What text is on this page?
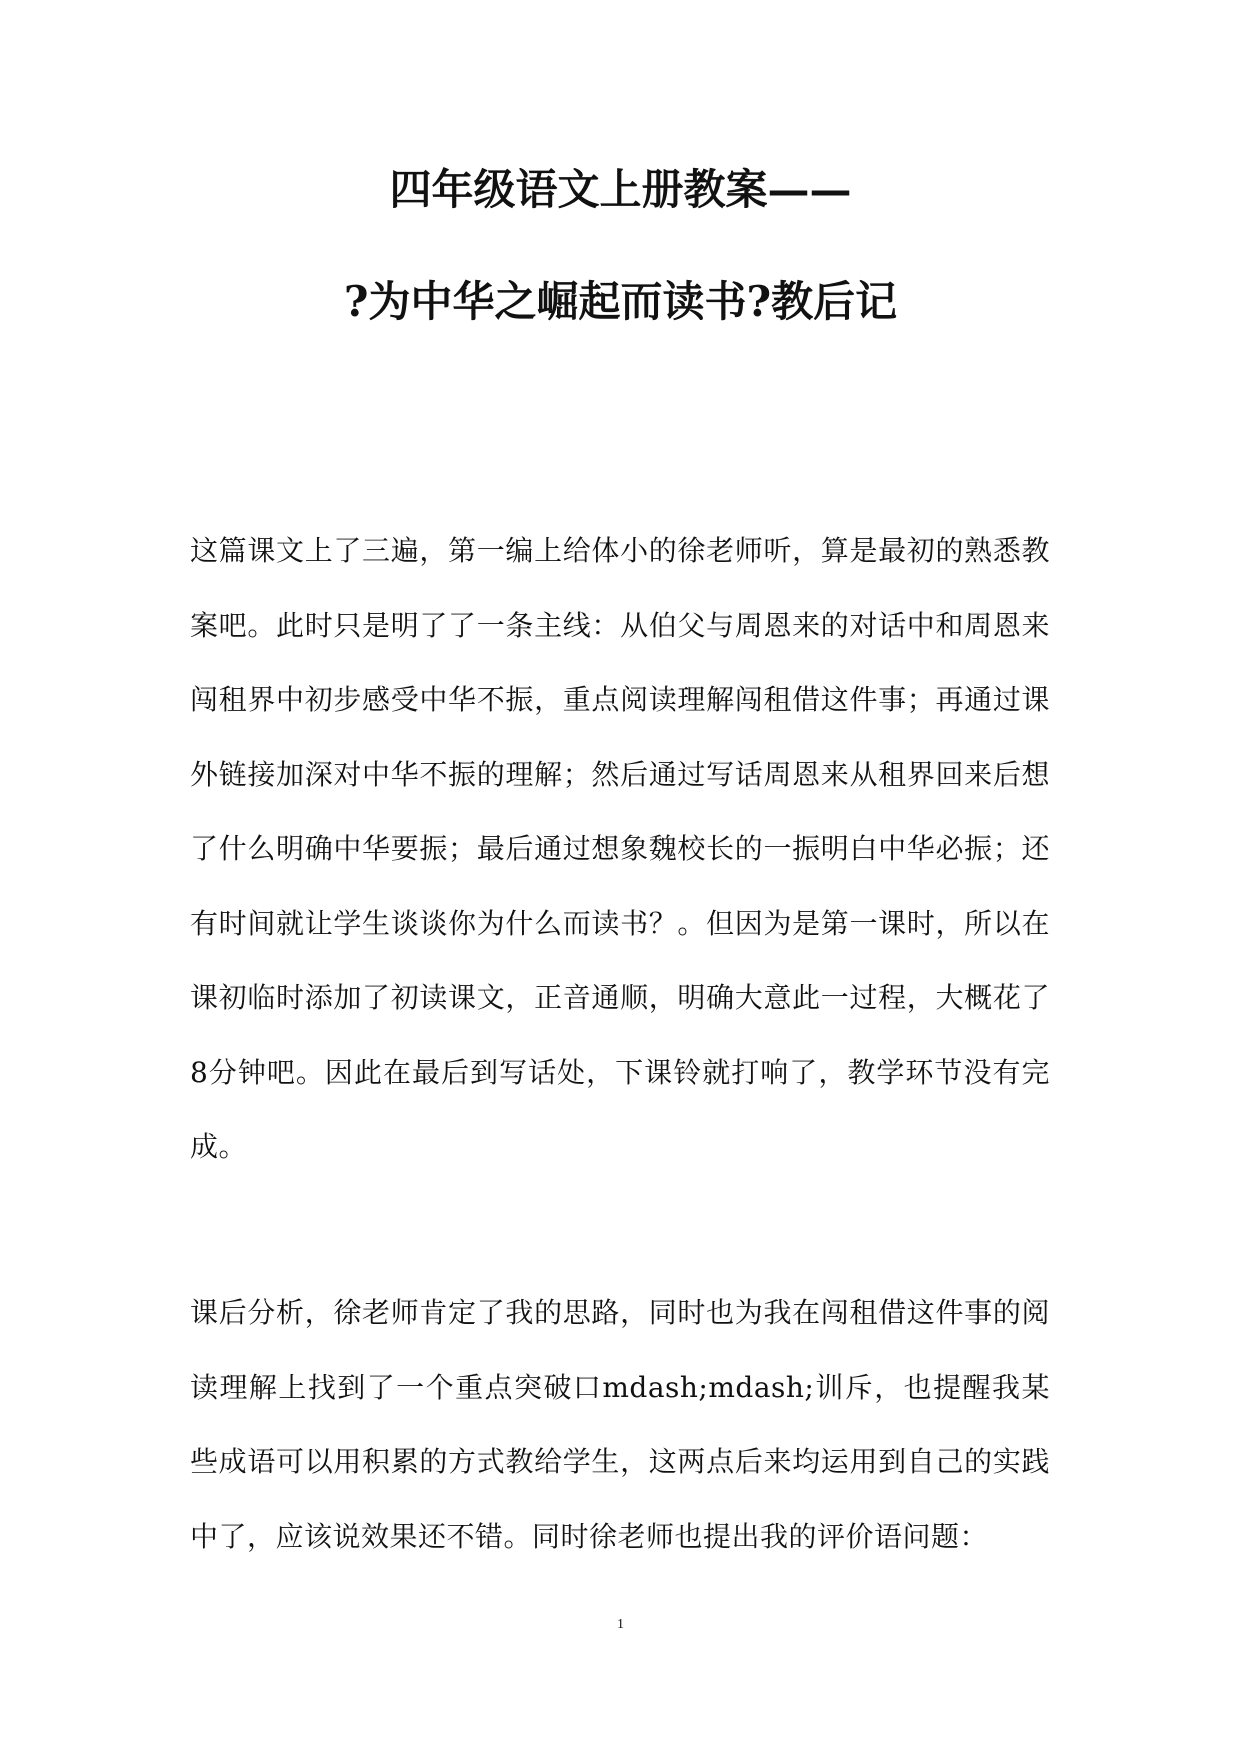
四年级语文上册教案——
?为中华之崛起而读书?教后记

这篇课文上了三遍，第一编上给体小的徐老师听，算是最初的熟悉教案吧。此时只是明了了一条主线：从伯父与周恩来的对话中和周恩来闯租界中初步感受中华不振，重点阅读理解闯租借这件事；再通过课外链接加深对中华不振的理解；然后通过写话周恩来从租界回来后想了什么明确中华要振；最后通过想象魏校长的一振明白中华必振；还有时间就让学生谈谈你为什么而读书？。但因为是第一课时，所以在课初临时添加了初读课文，正音通顺，明确大意此一过程，大概花了8分钟吧。因此在最后到写话处，下课铃就打响了，教学环节没有完成。

课后分析，徐老师肯定了我的思路，同时也为我在闯租借这件事的阅读理解上找到了一个重点突破口mdash;mdash;训斥，也提醒我某些成语可以用积累的方式教给学生，这两点后来均运用到自己的实践中了，应该说效果还不错。同时徐老师也提出我的评价语问题：

1
